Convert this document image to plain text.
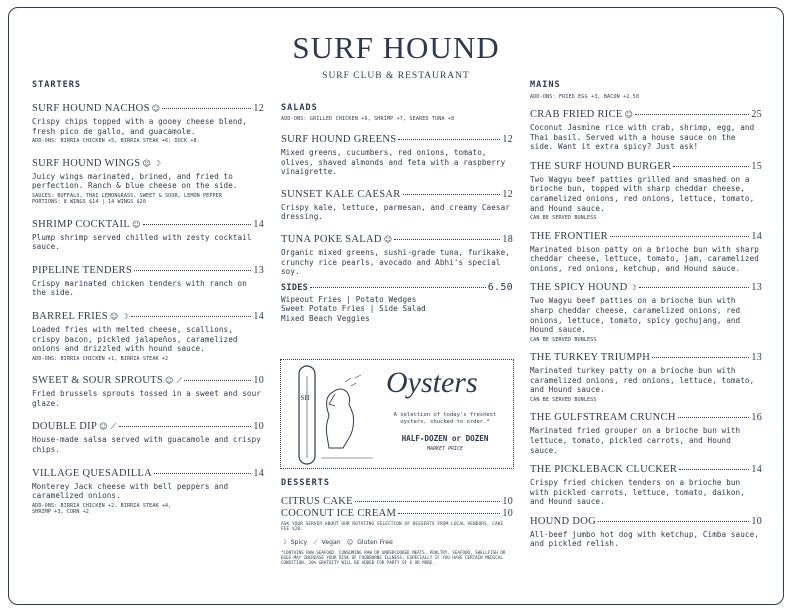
SURF HOUND
SURF CLUB & RESTAURANT
STARTERS
SURF HOUND NACHOS ☺	12
Crispy chips topped with a gooey cheese blend, fresh pico de gallo, and guacamole.
ADD-ONS: BIRRIA CHICKEN +5, BIRRIA STEAK +6, DUCK +8.
SURF HOUND WINGS ☺ ☽
Juicy wings marinated, brined, and fried to perfection. Ranch & blue cheese on the side.
SAUCES: BUFFALO, THAI LEMONGRASS, SWEET & SOUR, LEMON PEPPER
PORTIONS: 8 WINGS $14 | 14 WINGS $20
SHRIMP COCKTAIL ☺	14
Plump shrimp served chilled with zesty cocktail sauce.
PIPELINE TENDERS	13
Crispy marinated chicken tenders with ranch on the side.
BARREL FRIES ☺ ☽	14
Loaded fries with melted cheese, scallions, crispy bacon, pickled jalapeños, caramelized onions and drizzled with hound sauce.
ADD-ONS: BIRRIA CHICKEN +1, BIRRIA STEAK +2
SWEET & SOUR SPROUTS ☺ ⟋	10
Fried brussels sprouts tossed in a sweet and sour glaze.
DOUBLE DIP ☺ ⟋	10
House-made salsa served with guacamole and crispy chips.
VILLAGE QUESADILLA	14
Monterey Jack cheese with bell peppers and caramelized onions.
ADD-ONS: BIRRIA CHICKEN +2, BIRRIA STEAK +4,
SHRIMP +3, CORN +2
SALADS
ADD-ONS: GRILLED CHICKEN +6, SHRIMP +7, SEARED TUNA +8
SURF HOUND GREENS	12
Mixed greens, cucumbers, red onions, tomato, olives, shaved almonds and feta with a raspberry vinaigrette.
SUNSET KALE CAESAR	12
Crispy kale, lettuce, parmesan, and creamy Caesar dressing.
TUNA POKE SALAD ☺	18
Organic mixed greens, sushi-grade tuna, furikake, crunchy rice pearls, avocado and Abhi's special soy.
SIDES	6.50
Wipeout Fries | Potato Wedges
Sweet Potato Fries | Side Salad
Mixed Beach Veggies
SH	Oysters
A selection of today's freshest oysters, shucked to order.*
HALF-DOZEN or DOZEN
MARKET PRICE
DESSERTS
CITRUS CAKE	10
COCONUT ICE CREAM	10
ASK YOUR SERVER ABOUT OUR ROTATING SELECTION OF DESSERTS FROM LOCAL VENDORS. CAKE FEE $20.
☽ Spicy ⟋ Vegan ☺ Gluten Free
*CONTAINS RAW SEAFOOD. CONSUMING RAW OR UNDERCOOKED MEATS, POULTRY, SEAFOOD, SHELLFISH OR EGGS MAY INCREASE YOUR RISK OF FOODBORNE ILLNESS, ESPECIALLY IF YOU HAVE CERTAIN MEDICAL CONDITION. 20% GRATUITY WILL BE ADDED FOR PARTY OF 6 OR MORE.
MAINS
ADD-ONS: FRIED EGG +3, BACON +2.50
CRAB FRIED RICE ☺	25
Coconut Jasmine rice with crab, shrimp, egg, and Thai basil. Served with a house sauce on the side. Want it extra spicy? Just ask!
THE SURF HOUND BURGER	15
Two Wagyu beef patties grilled and smashed on a brioche bun, topped with sharp cheddar cheese, caramelized onions, red onions, lettuce, tomato, and Hound sauce.
CAN BE SERVED BUNLESS
THE FRONTIER	14
Marinated bison patty on a brioche bun with sharp cheddar cheese, lettuce, tomato, jam, caramelized onions, red onions, ketchup, and Hound sauce.
THE SPICY HOUND ☽	13
Two Wagyu beef patties on a brioche bun with sharp cheddar cheese, caramelized onions, red onions, lettuce, tomato, spicy gochujang, and Hound sauce.
CAN BE SERVED BUNLESS
THE TURKEY TRIUMPH	13
Marinated turkey patty on a brioche bun with caramelized onions, red onions, lettuce, tomato, and Hound sauce.
CAN BE SERVED BUNLESS
THE GULFSTREAM CRUNCH	16
Marinated fried grouper on a brioche bun with lettuce, tomato, pickled carrots, and Hound sauce.
THE PICKLEBACK CLUCKER	14
Crispy fried chicken tenders on a brioche bun with pickled carrots, lettuce, tomato, daikon, and Hound sauce.
HOUND DOG	10
All-beef jumbo hot dog with ketchup, Cimba sauce, and pickled relish.
